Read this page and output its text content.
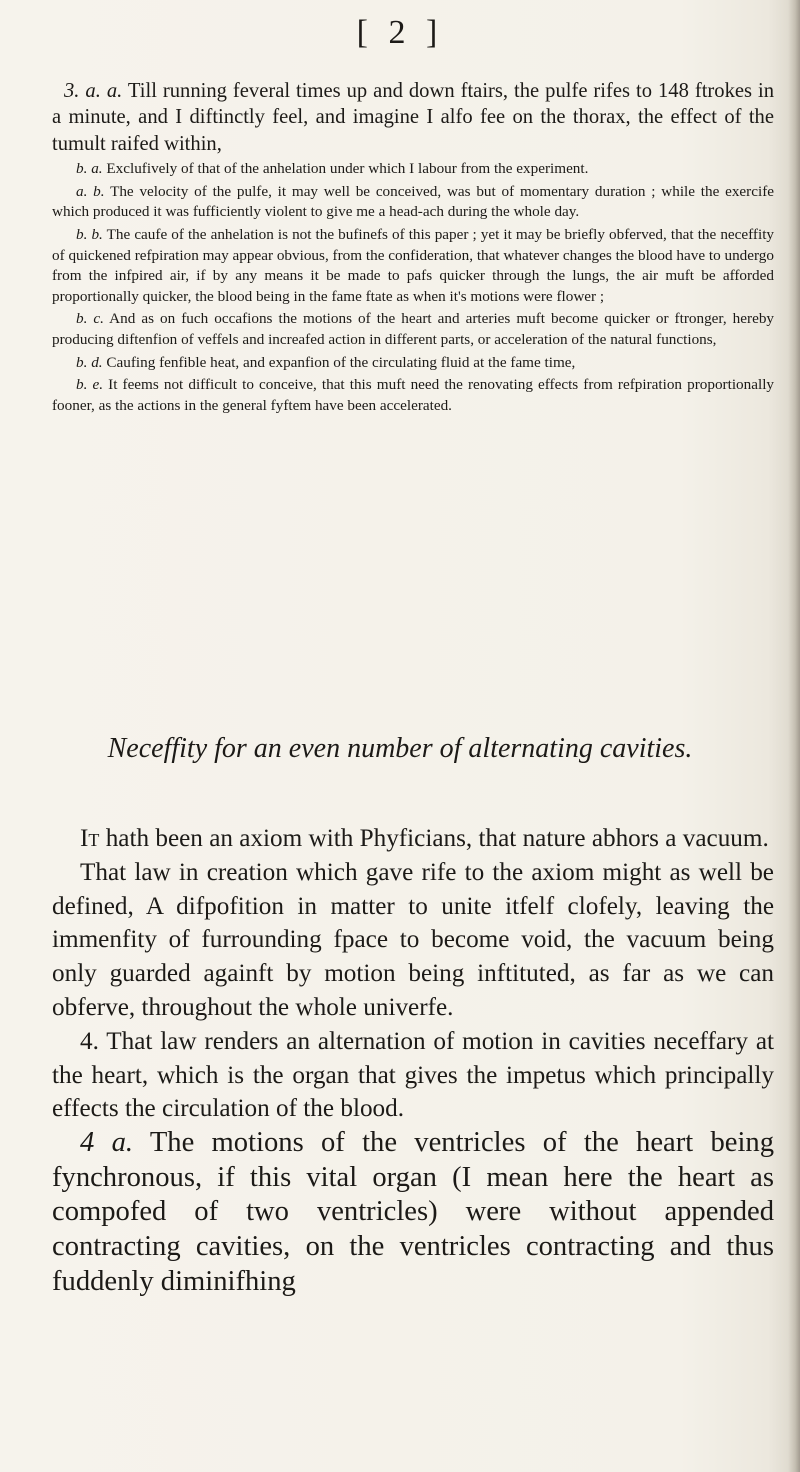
[ 2 ]

3. a. a. Till running feveral times up and down ftairs, the pulfe rifes to 148 ftrokes in a minute, and I diftinctly feel, and imagine I alfo fee on the thorax, the effect of the tumult raifed within,

b. a. Exclufively of that of the anhelation under which I labour from the experiment.

a. b. The velocity of the pulfe, it may well be conceived, was but of momentary duration ; while the exercife which produced it was fufficiently violent to give me a head-ach during the whole day.

b. b. The caufe of the anhelation is not the bufinefs of this paper ; yet it may be briefly obferved, that the neceffity of quickened refpiration may appear obvious, from the confideration, that whatever changes the blood have to undergo from the infpired air, if by any means it be made to pafs quicker through the lungs, the air muft be afforded proportionally quicker, the blood being in the fame ftate as when it's motions were flower ;

b. c. And as on fuch occafions the motions of the heart and arteries muft become quicker or ftronger, hereby producing diftenfion of veffels and increafed action in different parts, or acceleration of the natural functions,

b. d. Caufing fenfible heat, and expanfion of the circulating fluid at the fame time,

b. e. It feems not difficult to conceive, that this muft need the renovating effects from refpiration proportionally fooner, as the actions in the general fyftem have been accelerated.

Neceffity for an even number of alternating cavities.

It hath been an axiom with Phyficians, that nature abhors a vacuum.

That law in creation which gave rife to the axiom might as well be defined, A difpofition in matter to unite itfelf clofely, leaving the immenfity of furrounding fpace to become void, the vacuum being only guarded againft by motion being inftituted, as far as we can obferve, throughout the whole univerfe.

4. That law renders an alternation of motion in cavities neceffary at the heart, which is the organ that gives the impetus which principally effects the circulation of the blood.

4 a. The motions of the ventricles of the heart being fynchronous, if this vital organ (I mean here the heart as compofed of two ventricles) were without appended contracting cavities, on the ventricles contracting and thus fuddenly diminifhing
